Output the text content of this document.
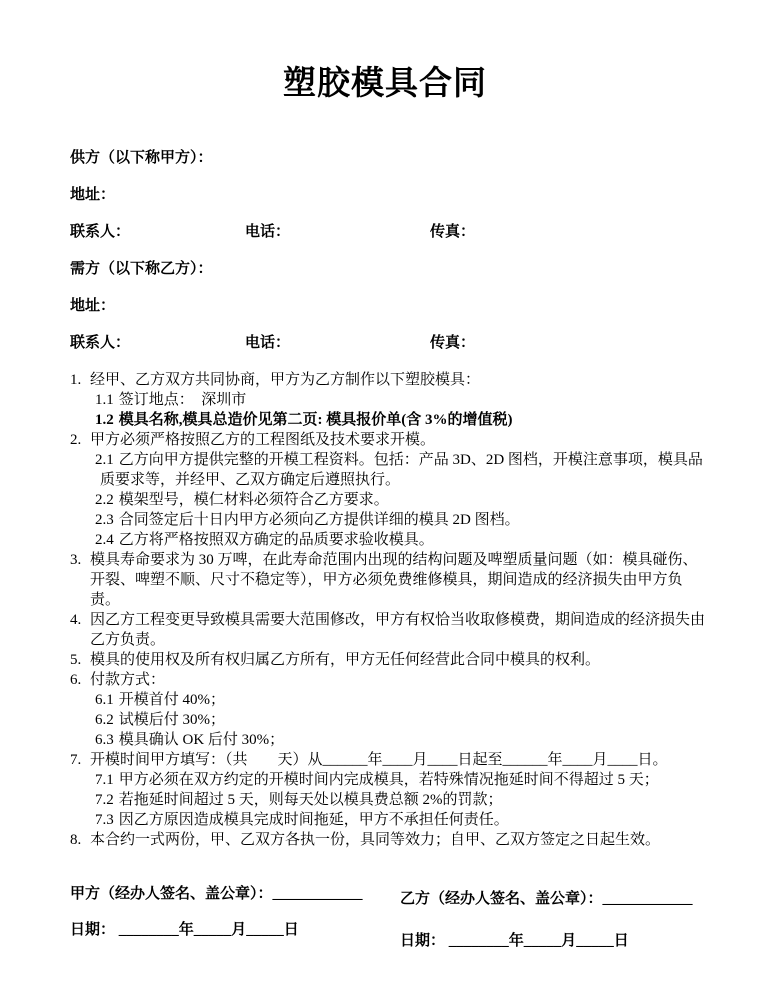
塑胶模具合同

供方（以下称甲方）：

地址：

联系人：	电话：	传真：

需方（以下称乙方）：

地址：

联系人：	电话：	传真：
1. 经甲、乙方双方共同协商，甲方为乙方制作以下塑胶模具：
1.1 签订地点：　深圳市
1.2 模具名称,模具总造价见第二页: 模具报价单(含 3%的增值税)
2. 甲方必须严格按照乙方的工程图纸及技术要求开模。
2.1 乙方向甲方提供完整的开模工程资料。包括：产品 3D、2D 图档，开模注意事项，模具品质要求等，并经甲、乙双方确定后遵照执行。
2.2 模架型号，模仁材料必须符合乙方要求。
2.3 合同签定后十日内甲方必须向乙方提供详细的模具 2D 图档。
2.4 乙方将严格按照双方确定的品质要求验收模具。
3. 模具寿命要求为 30 万啤，在此寿命范围内出现的结构问题及啤塑质量问题（如：模具碰伤、开裂、啤塑不顺、尺寸不稳定等），甲方必须免费维修模具，期间造成的经济损失由甲方负责。
4. 因乙方工程变更导致模具需要大范围修改，甲方有权恰当收取修模费，期间造成的经济损失由乙方负责。
5. 模具的使用权及所有权归属乙方所有，甲方无任何经营此合同中模具的权利。
6. 付款方式：
6.1 开模首付 40%；
6.2 试模后付 30%；
6.3 模具确认 OK 后付 30%；
7. 开模时间甲方填写：（共　　天）从______年____月____日起至______年____月____日。
7.1 甲方必须在双方约定的开模时间内完成模具，若特殊情况拖延时间不得超过 5 天；
7.2 若拖延时间超过 5 天，则每天处以模具费总额 2%的罚款；
7.3 因乙方原因造成模具完成时间拖延，甲方不承担任何责任。
8. 本合约一式两份，甲、乙双方各执一份，具同等效力；自甲、乙双方签定之日起生效。
甲方（经办人签名、盖公章）：____________
日期： ________年_____月_____日
乙方（经办人签名、盖公章）：____________
日期： ________年_____月_____日
